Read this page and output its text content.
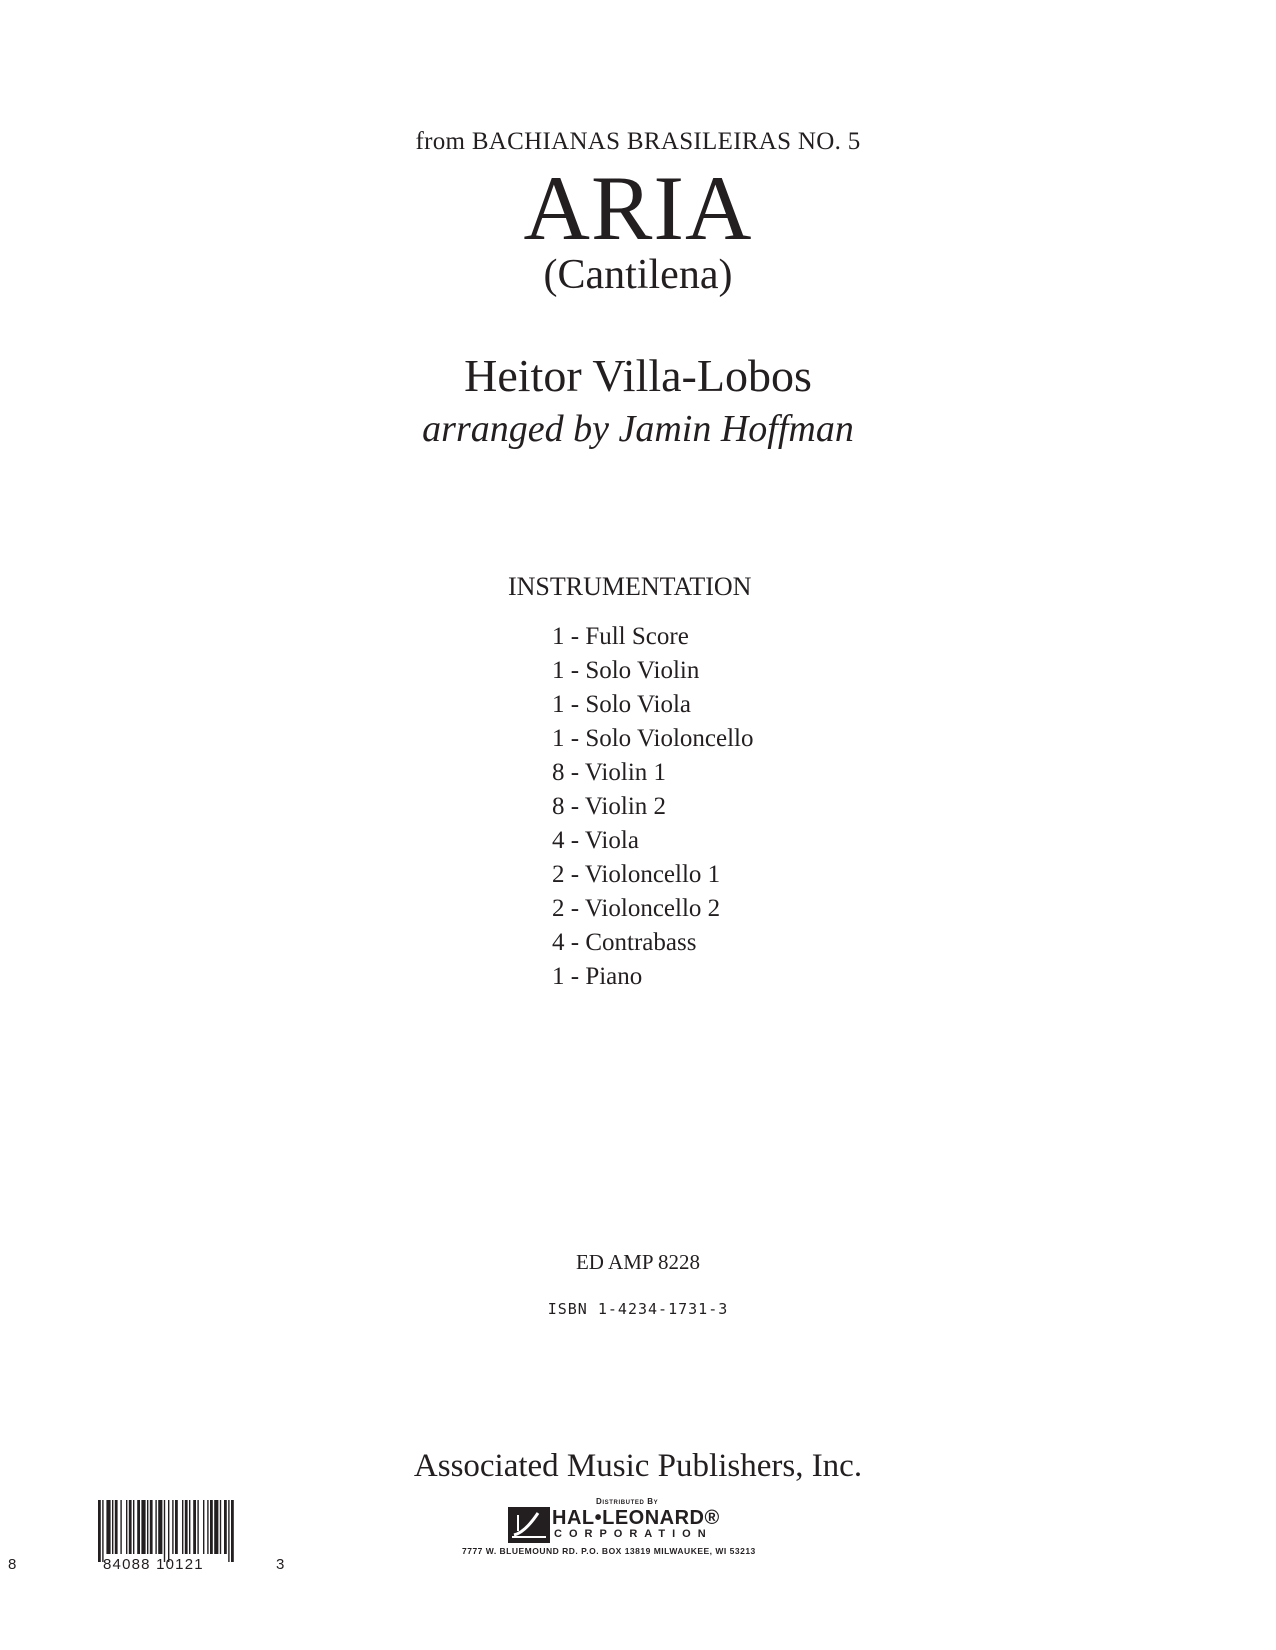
from BACHIANAS BRASILEIRAS NO. 5
ARIA
(Cantilena)
Heitor Villa-Lobos
arranged by Jamin Hoffman
INSTRUMENTATION
1 - Full Score
1 - Solo Violin
1 - Solo Viola
1 - Solo Violoncello
8 - Violin 1
8 - Violin 2
4 - Viola
2 - Violoncello 1
2 - Violoncello 2
4 - Contrabass
1 - Piano
ED AMP 8228
ISBN 1-4234-1731-3
Associated Music Publishers, Inc.
Distributed By
HAL•LEONARD®
CORPORATION
7777 W. BLUEMOUND RD. P.O. BOX 13819 MILWAUKEE, WI 53213
8	84088 10121	3
